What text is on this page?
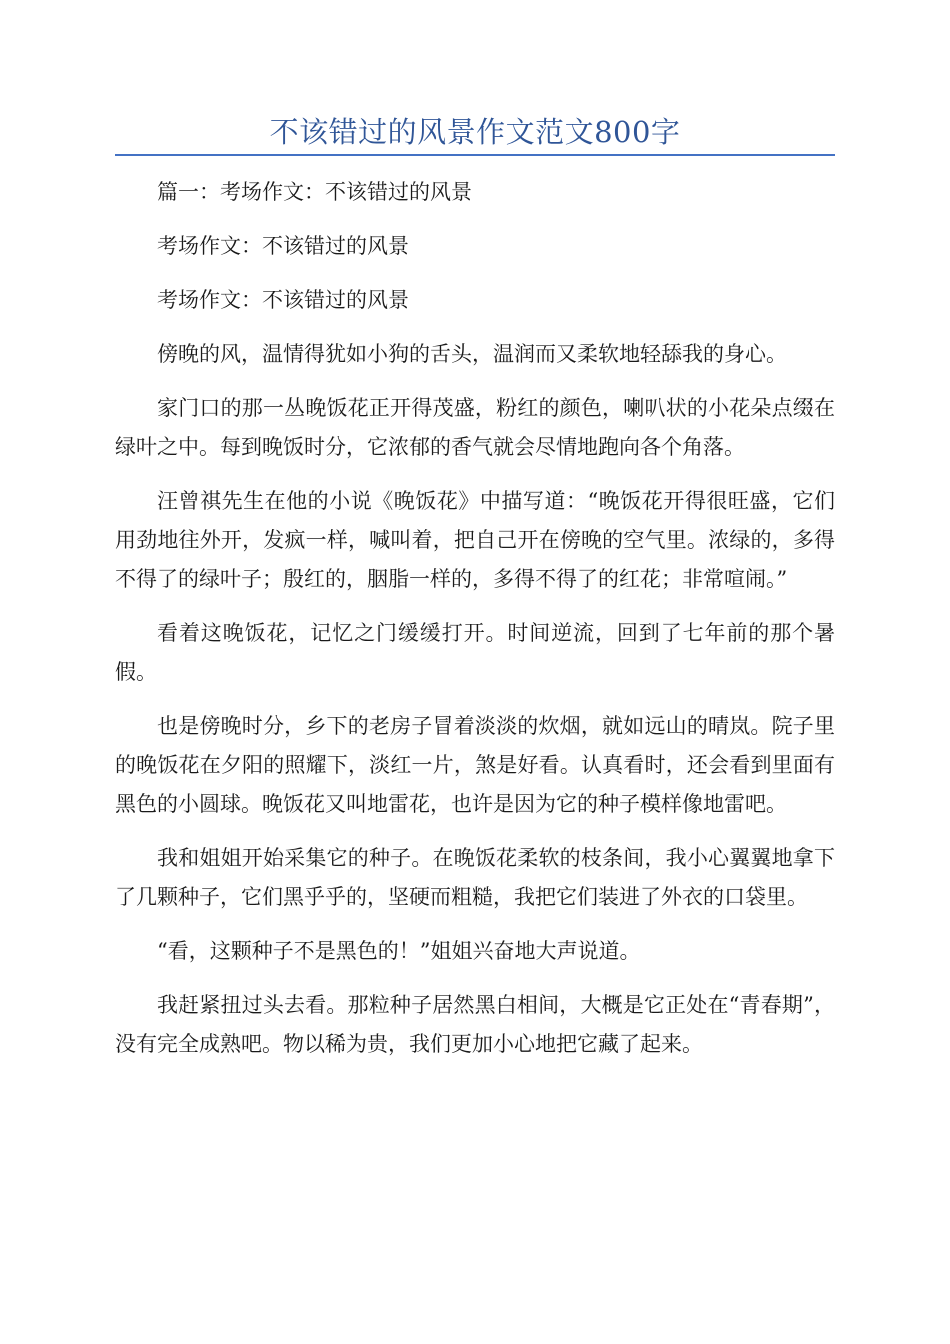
不该错过的风景作文范文800字

篇一：考场作文：不该错过的风景

考场作文：不该错过的风景

考场作文：不该错过的风景

傍晚的风，温情得犹如小狗的舌头，温润而又柔软地轻舔我的身心。

家门口的那一丛晚饭花正开得茂盛，粉红的颜色，喇叭状的小花朵点缀在绿叶之中。每到晚饭时分，它浓郁的香气就会尽情地跑向各个角落。

汪曾祺先生在他的小说《晚饭花》中描写道：“晚饭花开得很旺盛，它们用劲地往外开，发疯一样，喊叫着，把自己开在傍晚的空气里。浓绿的，多得不得了的绿叶子；殷红的，胭脂一样的，多得不得了的红花；非常喧闹。”

看着这晚饭花，记忆之门缓缓打开。时间逆流，回到了七年前的那个暑假。

也是傍晚时分，乡下的老房子冒着淡淡的炊烟，就如远山的晴岚。院子里的晚饭花在夕阳的照耀下，淡红一片，煞是好看。认真看时，还会看到里面有黑色的小圆球。晚饭花又叫地雷花，也许是因为它的种子模样像地雷吧。

我和姐姐开始采集它的种子。在晚饭花柔软的枝条间，我小心翼翼地拿下了几颗种子，它们黑乎乎的，坚硬而粗糙，我把它们装进了外衣的口袋里。

“看，这颗种子不是黑色的！”姐姐兴奋地大声说道。

我赶紧扭过头去看。那粒种子居然黑白相间，大概是它正处在“青春期”，没有完全成熟吧。物以稀为贵，我们更加小心地把它藏了起来。
